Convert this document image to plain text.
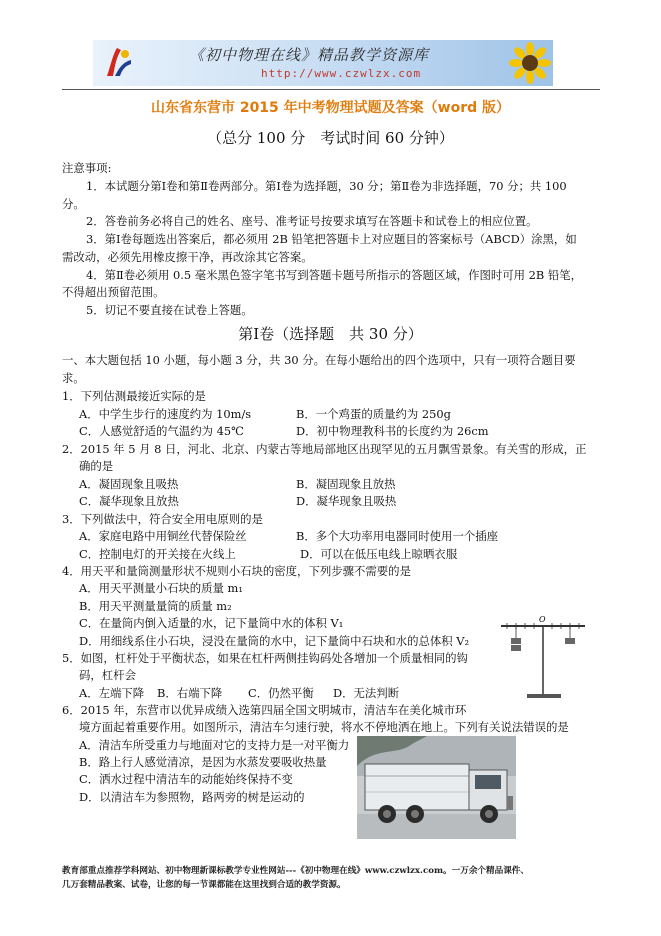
《初中物理在线》精品教学资源库
http://www.czwlzx.com
山东省东营市 2015 年中考物理试题及答案（word 版）
（总分 100 分　考试时间 60 分钟）
注意事项:
1．本试题分第Ⅰ卷和第Ⅱ卷两部分。第Ⅰ卷为选择题，30 分；第Ⅱ卷为非选择题，70 分；共 100
分。
2．答卷前务必将自己的姓名、座号、准考证号按要求填写在答题卡和试卷上的相应位置。
3．第Ⅰ卷每题选出答案后，都必须用 2B 铅笔把答题卡上对应题目的答案标号（ABCD）涂黑，如
需改动，必须先用橡皮擦干净，再改涂其它答案。
4．第Ⅱ卷必须用 0.5 毫米黑色签字笔书写到答题卡题号所指示的答题区域，作图时可用 2B 铅笔，
不得超出预留范围。
5．切记不要直接在试卷上答题。
第Ⅰ卷（选择题　共 30 分）
一、本大题包括 10 小题，每小题 3 分，共 30 分。在每小题给出的四个选项中，只有一项符合题目要
求。
1．下列估测最接近实际的是
A．中学生步行的速度约为 10m/s	B．一个鸡蛋的质量约为 250g
C．人感觉舒适的气温约为 45℃	D．初中物理教科书的长度约为 26cm
2．2015 年 5 月 8 日，河北、北京、内蒙古等地局部地区出现罕见的五月飘雪景象。有关雪的形成，正
确的是
A．凝固现象且吸热	B．凝固现象且放热
C．凝华现象且放热	D．凝华现象且吸热
3．下列做法中，符合安全用电原则的是
A．家庭电路中用铜丝代替保险丝	B．多个大功率用电器同时使用一个插座
C．控制电灯的开关接在火线上	D．可以在低压电线上晾晒衣服
4．用天平和量筒测量形状不规则小石块的密度，下列步骤不需要的是
A．用天平测量小石块的质量 m₁
B．用天平测量量筒的质量 m₂
C．在量筒内倒入适量的水，记下量筒中水的体积 V₁
D．用细线系住小石块，浸没在量筒的水中，记下量筒中石块和水的总体积 V₂
5．如图，杠杆处于平衡状态，如果在杠杆两侧挂钩码处各增加一个质量相同的钩
码，杠杆会
A．左端下降 B．右端下降 C．仍然平衡 D．无法判断
O
6．2015 年，东营市以优异成绩入选第四届全国文明城市，清洁车在美化城市环
境方面起着重要作用。如图所示，清洁车匀速行驶，将水不停地洒在地上。下列有关说法错误的是
A．清洁车所受重力与地面对它的支持力是一对平衡力
B．路上行人感觉清凉，是因为水蒸发要吸收热量
C．洒水过程中清洁车的动能始终保持不变
D．以清洁车为参照物，路两旁的树是运动的
教育部重点推荐学科网站、初中物理新课标教学专业性网站---《初中物理在线》www.czwlzx.com。一万余个精品课件、
几万套精品教案、试卷，让您的每一节课都能在这里找到合适的教学资源。
